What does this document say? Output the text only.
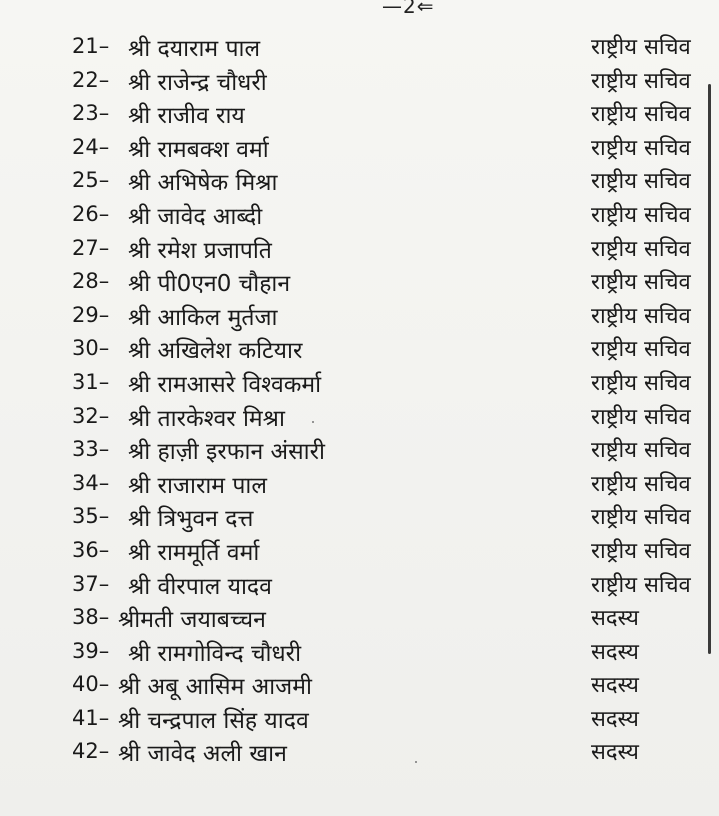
—2⇐
21– श्री दयाराम पाल	राष्ट्रीय सचिव
22– श्री राजेन्द्र चौधरी	राष्ट्रीय सचिव
23– श्री राजीव राय	राष्ट्रीय सचिव
24– श्री रामबक्श वर्मा	राष्ट्रीय सचिव
25– श्री अभिषेक मिश्रा	राष्ट्रीय सचिव
26– श्री जावेद आब्दी	राष्ट्रीय सचिव
27– श्री रमेश प्रजापति	राष्ट्रीय सचिव
28– श्री पी0एन0 चौहान	राष्ट्रीय सचिव
29– श्री आकिल मुर्तजा	राष्ट्रीय सचिव
30– श्री अखिलेश कटियार	राष्ट्रीय सचिव
31– श्री रामआसरे विश्वकर्मा	राष्ट्रीय सचिव
32– श्री तारकेश्वर मिश्रा	राष्ट्रीय सचिव
33– श्री हाज़ी इरफान अंसारी	राष्ट्रीय सचिव
34– श्री राजाराम पाल	राष्ट्रीय सचिव
35– श्री त्रिभुवन दत्त	राष्ट्रीय सचिव
36– श्री राममूर्ति वर्मा	राष्ट्रीय सचिव
37– श्री वीरपाल यादव	राष्ट्रीय सचिव
38– श्रीमती जयाबच्चन	सदस्य
39– श्री रामगोविन्द चौधरी	सदस्य
40– श्री अबू आसिम आजमी	सदस्य
41– श्री चन्द्रपाल सिंह यादव	सदस्य
42– श्री जावेद अली खान	सदस्य
